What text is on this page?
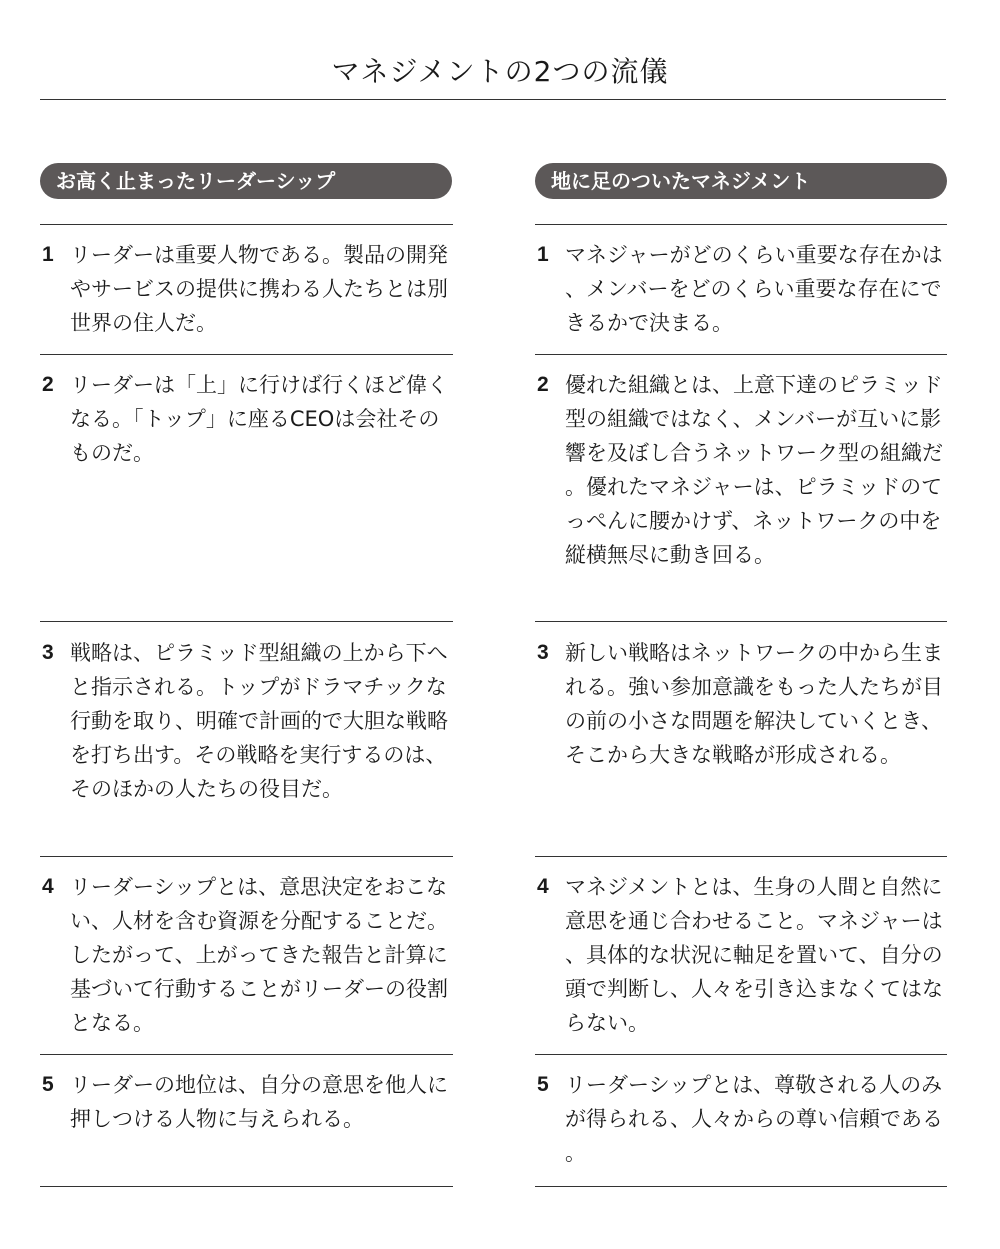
マネジメントの2つの流儀
お高く止まったリーダーシップ
1 リーダーは重要人物である。製品の開発やサービスの提供に携わる人たちとは別世界の住人だ。
2 リーダーは「上」に行けば行くほど偉くなる。「トップ」に座るCEOは会社そのものだ。
3 戦略は、ピラミッド型組織の上から下へと指示される。トップがドラマチックな行動を取り、明確で計画的で大胆な戦略を打ち出す。その戦略を実行するのは、そのほかの人たちの役目だ。
4 リーダーシップとは、意思決定をおこない、人材を含む資源を分配することだ。したがって、上がってきた報告と計算に基づいて行動することがリーダーの役割となる。
5 リーダーの地位は、自分の意思を他人に押しつける人物に与えられる。
地に足のついたマネジメント
1 マネジャーがどのくらい重要な存在かは、メンバーをどのくらい重要な存在にできるかで決まる。
2 優れた組織とは、上意下達のピラミッド型の組織ではなく、メンバーが互いに影響を及ぼし合うネットワーク型の組織だ。優れたマネジャーは、ピラミッドのてっぺんに腰かけず、ネットワークの中を縦横無尽に動き回る。
3 新しい戦略はネットワークの中から生まれる。強い参加意識をもった人たちが目の前の小さな問題を解決していくとき、そこから大きな戦略が形成される。
4 マネジメントとは、生身の人間と自然に意思を通じ合わせること。マネジャーは、具体的な状況に軸足を置いて、自分の頭で判断し、人々を引き込まなくてはならない。
5 リーダーシップとは、尊敬される人のみが得られる、人々からの尊い信頼である。
